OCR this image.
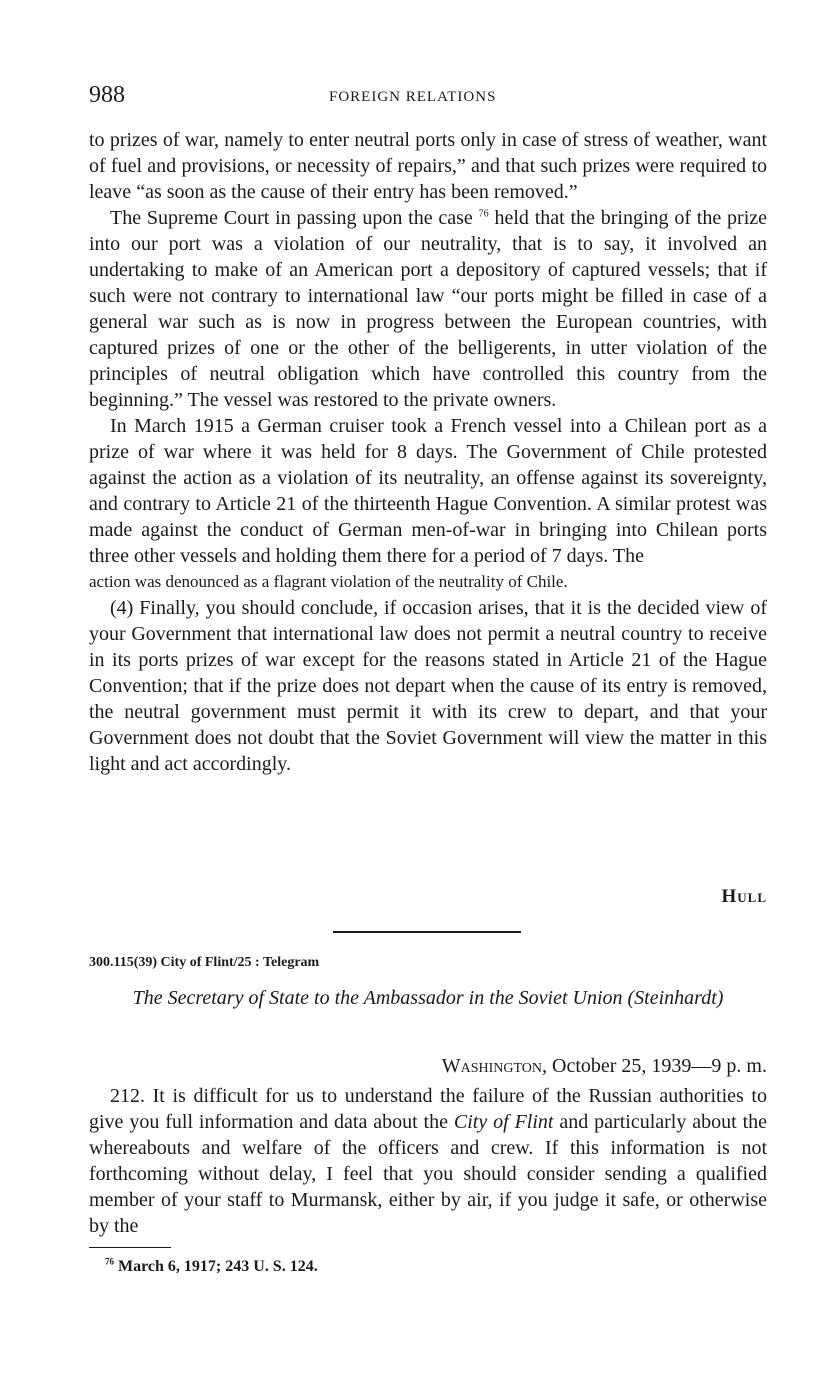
988	FOREIGN RELATIONS

to prizes of war, namely to enter neutral ports only in case of stress of weather, want of fuel and provisions, or necessity of repairs,” and that such prizes were required to leave “as soon as the cause of their entry has been removed.”

The Supreme Court in passing upon the case $^{76}$ held that the bringing of the prize into our port was a violation of our neutrality, that is to say, it involved an undertaking to make of an American port a depository of captured vessels; that if such were not contrary to international law “our ports might be filled in case of a general war such as is now in progress between the European countries, with captured prizes of one or the other of the belligerents, in utter violation of the principles of neutral obligation which have controlled this country from the beginning.” The vessel was restored to the private owners.

In March 1915 a German cruiser took a French vessel into a Chilean port as a prize of war where it was held for 8 days. The Government of Chile protested against the action as a violation of its neutrality, an offense against its sovereignty, and contrary to Article 21 of the thirteenth Hague Convention. A similar protest was made against the conduct of German men-of-war in bringing into Chilean ports three other vessels and holding them there for a period of 7 days. The

action was denounced as a flagrant violation of the neutrality of Chile.

(4) Finally, you should conclude, if occasion arises, that it is the decided view of your Government that international law does not permit a neutral country to receive in its ports prizes of war except for the reasons stated in Article 21 of the Hague Convention; that if the prize does not depart when the cause of its entry is removed, the neutral government must permit it with its crew to depart, and that your Government does not doubt that the Soviet Government will view the matter in this light and act accordingly.

Hull
300.115(39) City of Flint/25 : Telegram
The Secretary of State to the Ambassador in the Soviet Union (Steinhardt)
Washington, October 25, 1939—9 p. m.

212. It is difficult for us to understand the failure of the Russian authorities to give you full information and data about the City of Flint and particularly about the whereabouts and welfare of the officers and crew. If this information is not forthcoming without delay, I feel that you should consider sending a qualified member of your staff to Murmansk, either by air, if you judge it safe, or otherwise by the

$^{76}$ March 6, 1917; 243 U. S. 124.
